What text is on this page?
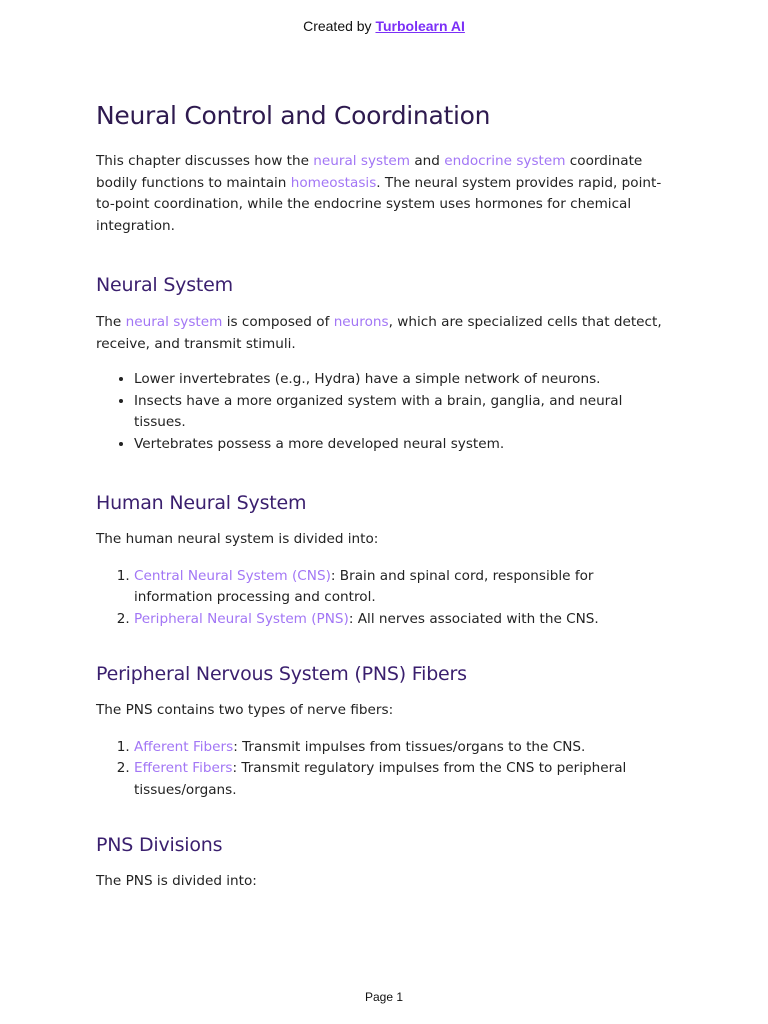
Created by Turbolearn AI
Neural Control and Coordination

This chapter discusses how the neural system and endocrine system coordinate bodily functions to maintain homeostasis. The neural system provides rapid, point-to-point coordination, while the endocrine system uses hormones for chemical integration.

Neural System

The neural system is composed of neurons, which are specialized cells that detect, receive, and transmit stimuli.

• Lower invertebrates (e.g., Hydra) have a simple network of neurons.
• Insects have a more organized system with a brain, ganglia, and neural tissues.
• Vertebrates possess a more developed neural system.
Human Neural System

The human neural system is divided into:

1. Central Neural System (CNS): Brain and spinal cord, responsible for information processing and control.
2. Peripheral Neural System (PNS): All nerves associated with the CNS.
Peripheral Nervous System (PNS) Fibers

The PNS contains two types of nerve fibers:

1. Afferent Fibers: Transmit impulses from tissues/organs to the CNS.
2. Efferent Fibers: Transmit regulatory impulses from the CNS to peripheral tissues/organs.
PNS Divisions

The PNS is divided into:

Page 1
